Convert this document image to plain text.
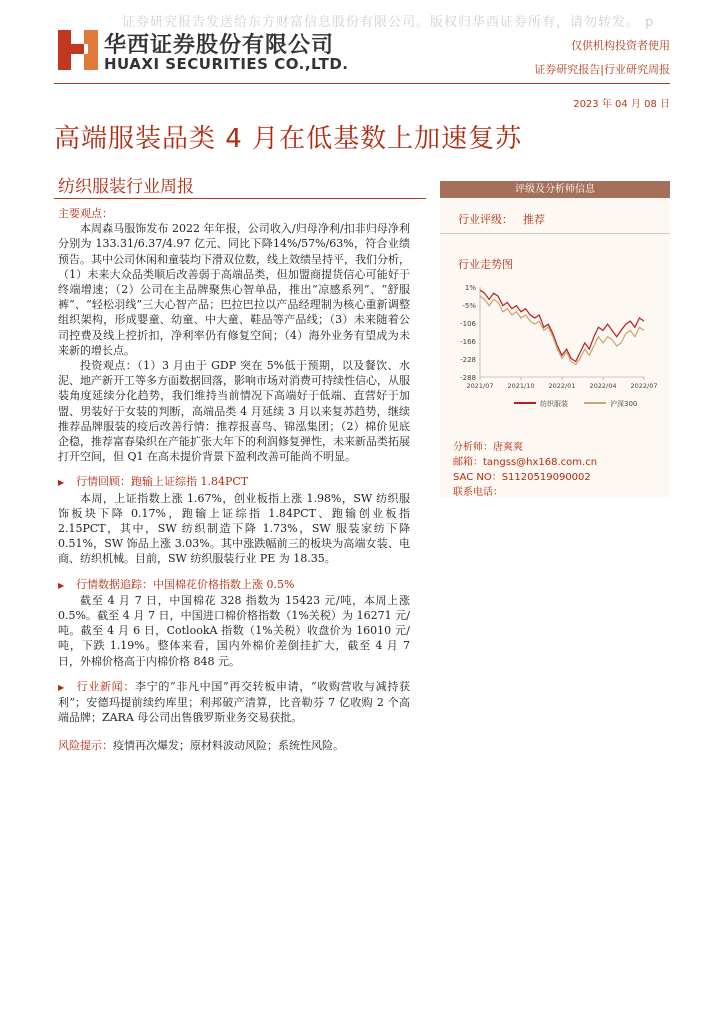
证券研究报告发送给东方财富信息股份有限公司。版权归华西证券所有，请勿转发。 p
华西证券股份有限公司
HUAXI SECURITIES CO.,LTD.
仅供机构投资者使用
证券研究报告|行业研究周报
2023 年 04 月 08 日
高端服装品类 4 月在低基数上加速复苏
纺织服装行业周报
主要观点：

本周森马服饰发布 2022 年年报，公司收入/归母净利/扣非归母净利分别为 133.31/6.37/4.97 亿元、同比下降14%/57%/63%，符合业绩预告。其中公司休闲和童装均下滑双位数，线上效绩呈持平，我们分析，（1）未来大众品类顺后改善弱于高端品类，但加盟商提货信心可能好于终端增速；（2）公司在主品牌聚焦心智单品，推出“凉感系列”、“舒服裤”、“轻松羽线”三大心智产品；巴拉巴拉以产品经理制为核心重新调整组织架构，形成婴童、幼童、中大童、鞋品等产品线；（3）未来随着公司控费及线上控折扣，净利率仍有修复空间；（4）海外业务有望成为未来新的增长点。

投资观点：（1）3 月由于 GDP 突在 5%低于预期，以及餐饮、水泥、地产新开工等多方面数据回落，影响市场对消费可持续性信心，从服装角度延续分化趋势，我们维持当前情况下高端好于低端、直营好于加盟、男装好于女装的判断，高端品类 4 月延续 3 月以来复苏趋势，继续推荐品牌服装的疫后改善行情：推荐报喜鸟、锦泓集团；（2）棉价见底企稳，推荐富春染织在产能扩张大年下的利润修复弹性，未来新品类拓展打开空间，但 Q1 在高未提价背景下盈利改善可能尚不明显。

▶ 行情回顾：跑输上证综指 1.84PCT

本周，上证指数上涨 1.67%，创业板指上涨 1.98%，SW 纺织服饰板块下降 0.17%，跑输上证综指 1.84PCT、跑输创业板指 2.15PCT，其中，SW 纺织制造下降 1.73%，SW 服装家纺下降 0.51%，SW 饰品上涨 3.03%。其中涨跌幅前三的板块为高端女装、电商、纺织机械。目前，SW 纺织服装行业 PE 为 18.35。

▶ 行情数据追踪：中国棉花价格指数上涨 0.5%

截至 4 月 7 日，中国棉花 328 指数为 15423 元/吨，本周上涨 0.5%。截至 4 月 7 日，中国进口棉价格指数（1%关税）为 16271 元/吨。截至 4 月 6 日，CotlookA 指数（1%关税）收盘价为 16010 元/吨，下跌 1.19%。整体来看，国内外棉价差倒挂扩大，截至 4 月 7 日，外棉价格高于内棉价格 848 元。

▶ 行业新闻：李宁的“非凡中国”再交转板申请，“收购营收与减持获利”；安德玛提前续约库里；利邦破产清算，比音勒芬 7 亿收购 2 个高端品牌；ZARA 母公司出售俄罗斯业务交易获批。
风险提示：疫情再次爆发；原材料波动风险；系统性风险。
评级及分析师信息
行业评级： 推荐
行业走势图
1%
-5%
-106
-166
-228
-288
2021/07 2021/10 2022/01 2022/04 2022/07
纺织服装	沪深300
分析师：唐爽爽
邮箱：tangss@hx168.com.cn
SAC NO：S1120519090002
联系电话：
